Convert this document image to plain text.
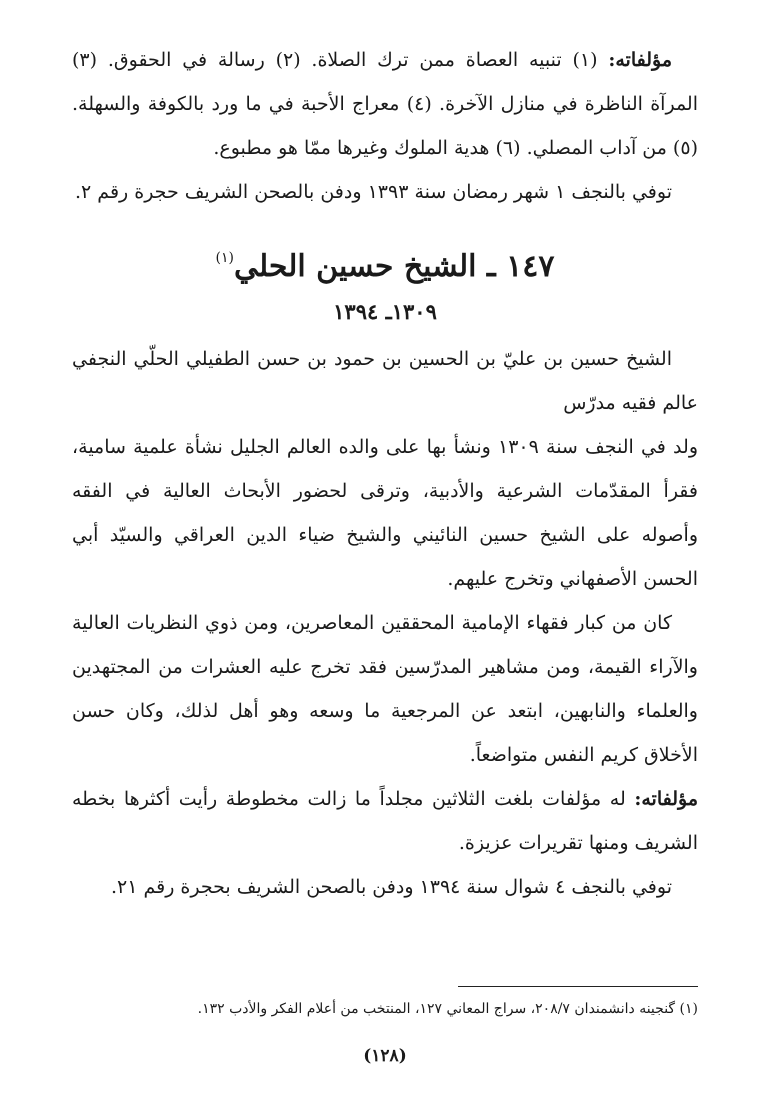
مؤلفاته: (١) تنبيه العصاة ممن ترك الصلاة. (٢) رسالة في الحقوق. (٣) المرآة الناظرة في منازل الآخرة. (٤) معراج الأحبة في ما ورد بالكوفة والسهلة. (٥) من آداب المصلي. (٦) هدية الملوك وغيرها ممّا هو مطبوع.

توفي بالنجف ١ شهر رمضان سنة ١٣٩٣ ودفن بالصحن الشريف حجرة رقم ٢.

١٤٧ ـ الشيخ حسين الحلي$^{(١)}$
١٣٠٩ـ ١٣٩٤

الشيخ حسين بن عليّ بن الحسين بن حمود بن حسن الطفيلي الحلّي النجفي عالم فقيه مدرّس

ولد في النجف سنة ١٣٠٩ ونشأ بها على والده العالم الجليل نشأة علمية سامية، فقرأ المقدّمات الشرعية والأدبية، وترقى لحضور الأبحاث العالية في الفقه وأصوله على الشيخ حسين النائيني والشيخ ضياء الدين العراقي والسيّد أبي الحسن الأصفهاني وتخرج عليهم.

كان من كبار فقهاء الإمامية المحققين المعاصرين، ومن ذوي النظريات العالية والآراء القيمة، ومن مشاهير المدرّسين فقد تخرج عليه العشرات من المجتهدين والعلماء والنابهين، ابتعد عن المرجعية ما وسعه وهو أهل لذلك، وكان حسن الأخلاق كريم النفس متواضعاً.

مؤلفاته: له مؤلفات بلغت الثلاثين مجلداً ما زالت مخطوطة رأيت أكثرها بخطه الشريف ومنها تقريرات عزيزة.

توفي بالنجف ٤ شوال سنة ١٣٩٤ ودفن بالصحن الشريف بحجرة رقم ٢١.

(١) گنجينه دانشمندان ٢٠٨/٧، سراج المعاني ١٢٧، المنتخب من أعلام الفكر والأدب ١٣٢.
(١٢٨)
